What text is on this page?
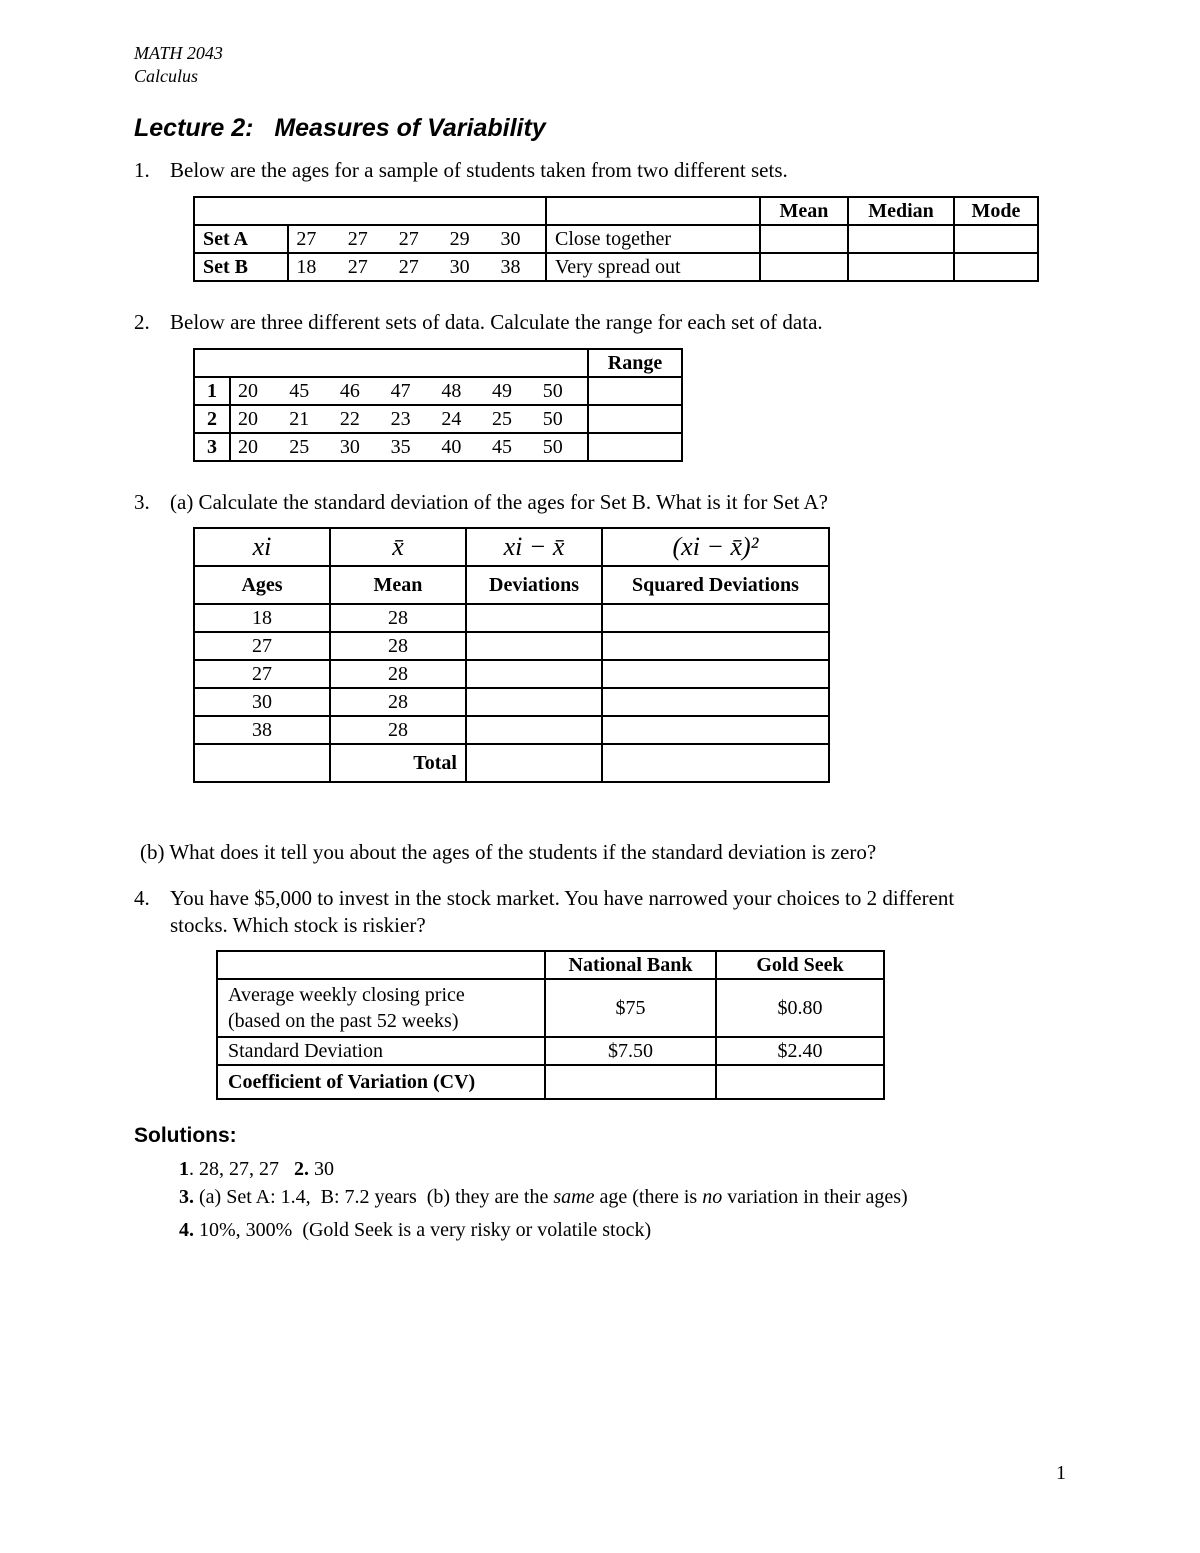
MATH 2043
Calculus
Lecture 2:   Measures of Variability
1. Below are the ages for a sample of students taken from two different sets.
							Mean	Median	Mode
Set A	27	27	27	29	30	Close together			
Set B	18	27	27	30	38	Very spread out			
2. Below are three different sets of data. Calculate the range for each set of data.
								Range
1	20	45	46	47	48	49	50	
2	20	21	22	23	24	25	50	
3	20	25	30	35	40	45	50	
3. (a) Calculate the standard deviation of the ages for Set B. What is it for Set A?
xi	x̄	xi − x̄	(xi − x̄)²
Ages	Mean	Deviations	Squared Deviations
18	28		
27	28		
27	28		
30	28		
38	28		
	Total		
(b) What does it tell you about the ages of the students if the standard deviation is zero?
4. You have $5,000 to invest in the stock market. You have narrowed your choices to 2 different
stocks. Which stock is riskier?
	National Bank	Gold Seek

Average weekly closing price
(based on the past 52 weeks)	$75	$0.80
Standard Deviation	$7.50	$2.40
Coefficient of Variation (CV)		
Solutions:
1. 28, 27, 27   2. 30
3. (a) Set A: 1.4,  B: 7.2 years  (b) they are the same age (there is no variation in their ages)
4. 10%, 300%  (Gold Seek is a very risky or volatile stock)
1
